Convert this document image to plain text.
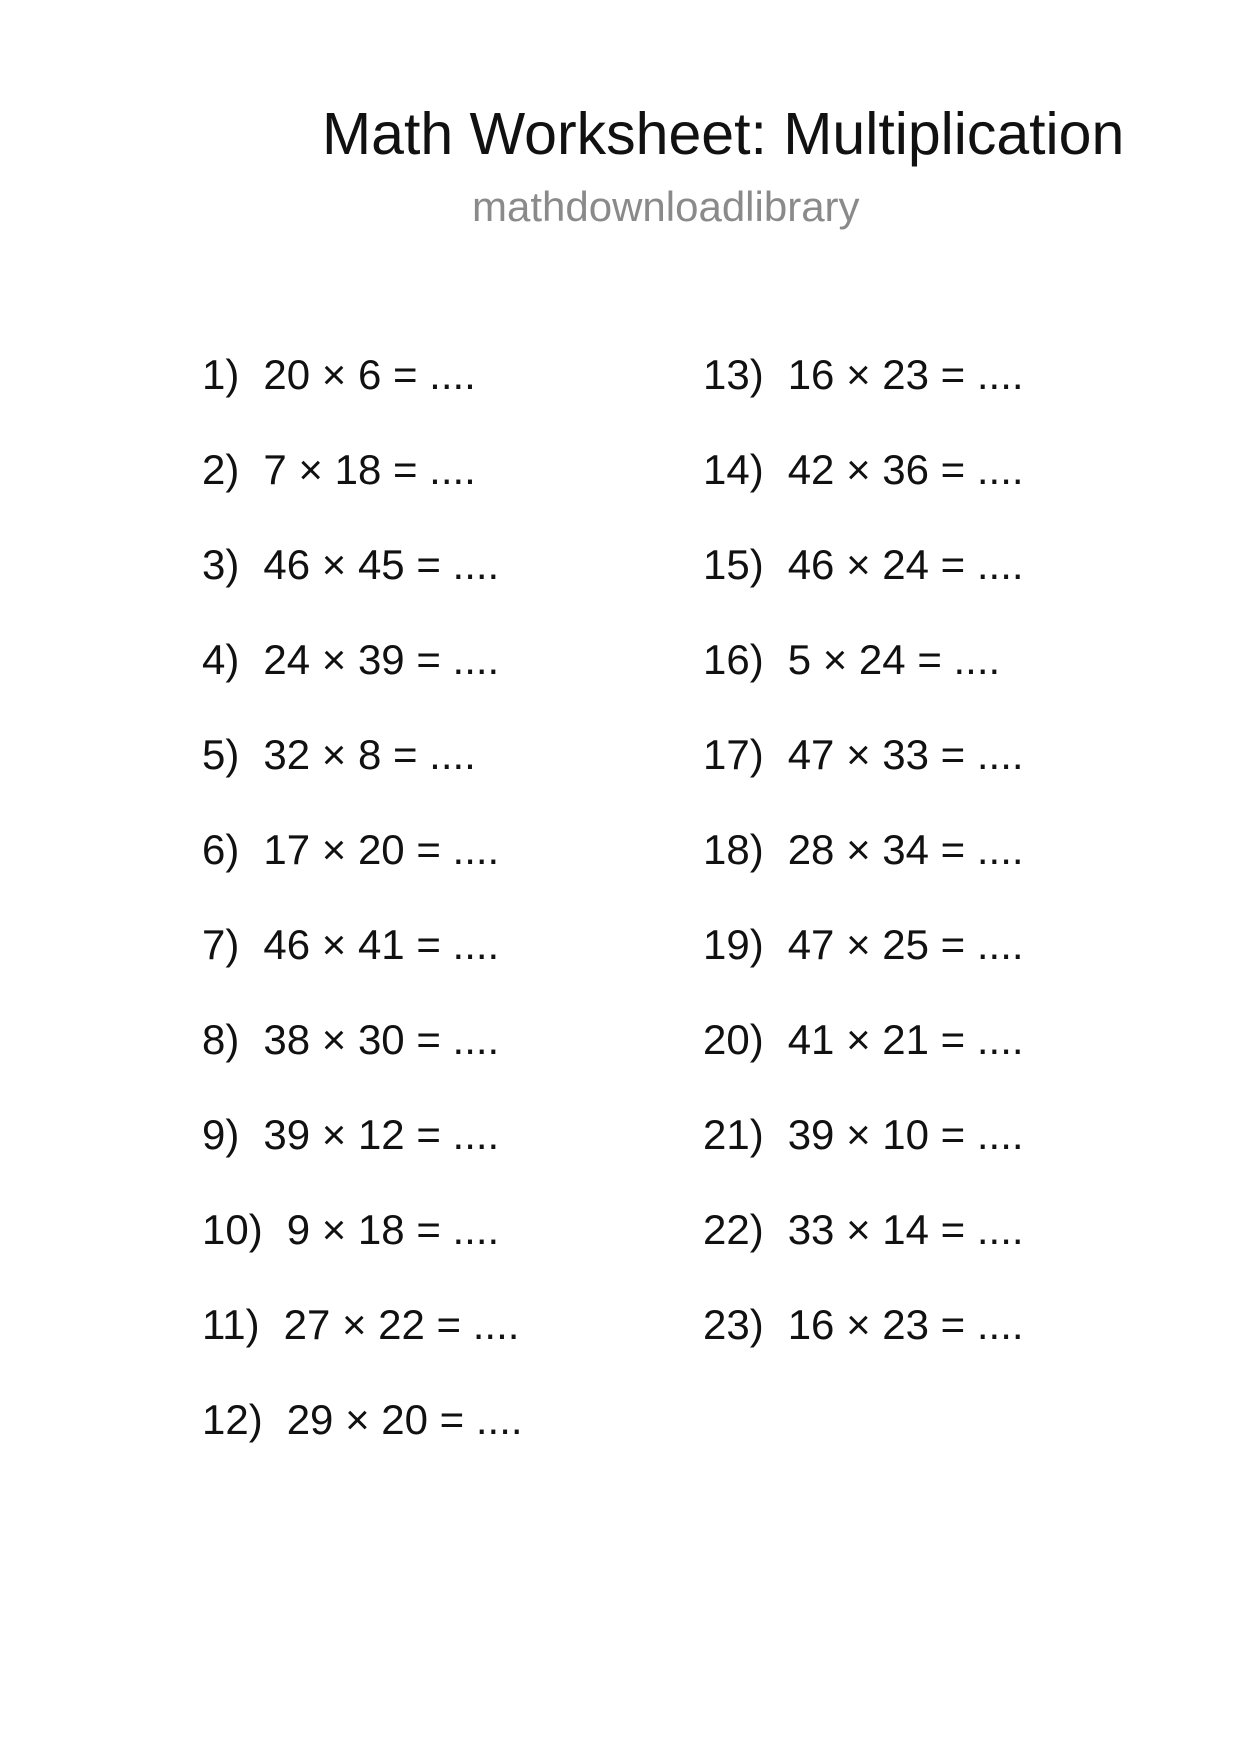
Math Worksheet: Multiplication
mathdownloadlibrary
1) 20 × 6 = ....
2) 7 × 18 = ....
3) 46 × 45 = ....
4) 24 × 39 = ....
5) 32 × 8 = ....
6) 17 × 20 = ....
7) 46 × 41 = ....
8) 38 × 30 = ....
9) 39 × 12 = ....
10) 9 × 18 = ....
11) 27 × 22 = ....
12) 29 × 20 = ....
13) 16 × 23 = ....
14) 42 × 36 = ....
15) 46 × 24 = ....
16) 5 × 24 = ....
17) 47 × 33 = ....
18) 28 × 34 = ....
19) 47 × 25 = ....
20) 41 × 21 = ....
21) 39 × 10 = ....
22) 33 × 14 = ....
23) 16 × 23 = ....
